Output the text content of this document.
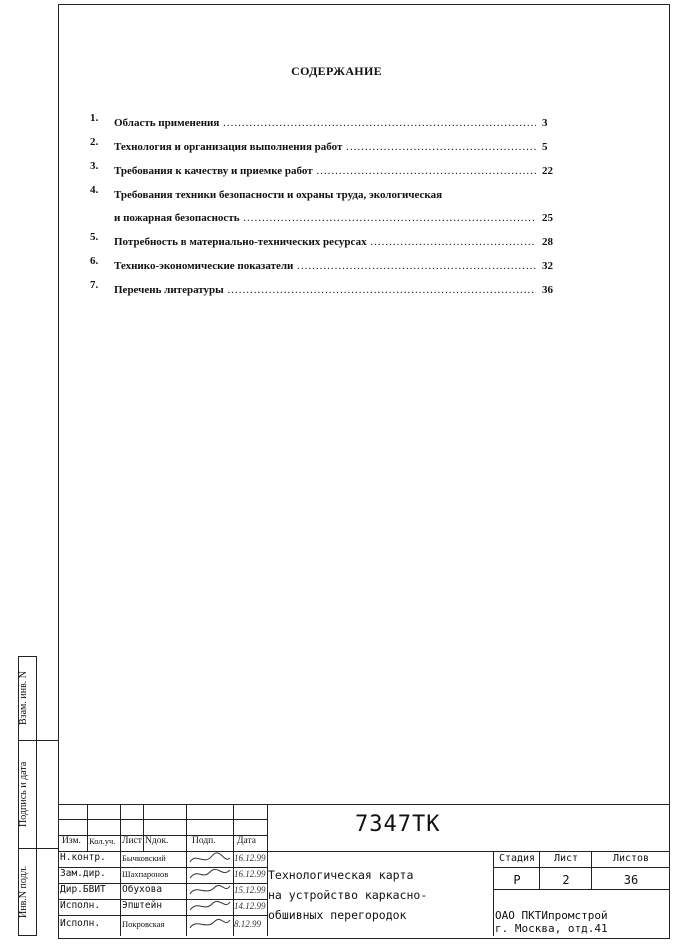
СОДЕРЖАНИЕ
1.	Область применения .....	3
2.	Технология и организация выполнения работ .....	5
3.	Требования к качеству и приемке работ .....	22
4.	Требования техники безопасности и охраны труда, экологическая
и пожарная безопасность .....	25
5.	Потребность в материально-технических ресурсах .....	28
6.	Технико-экономические показатели .....	32
7.	Перечень литературы .....	36
Взам. инв. N
Подпись и дата
Инв.N подл.
7347ТК
Изм. Кол.уч. Лист Nдок. Подп. Дата
Н.контр. Бычковский	16.12.99
Зам.дир. Шахпаронов	16.12.99
Дир.БВИТ Обухова	15.12.99
Исполн. Эпштейн	14.12.99
Исполн.	Покровская	8.12.99
Технологическая карта
на устройство каркасно-
обшивных перегородок
Стадия	Лист	Листов
Р	2	36
ОАО ПКТИпромстрой
г. Москва, отд.41
